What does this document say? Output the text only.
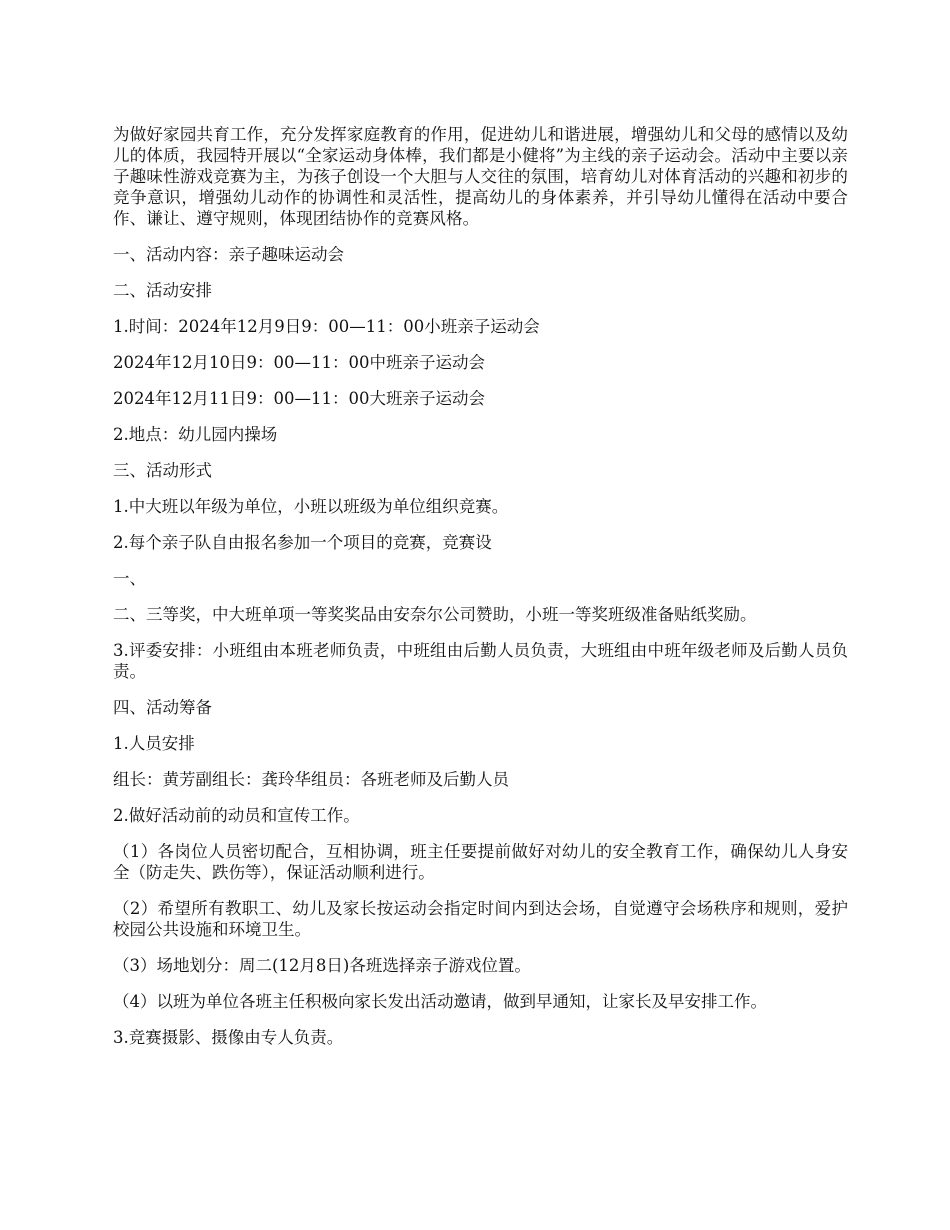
为做好家园共育工作，充分发挥家庭教育的作用，促进幼儿和谐进展，增强幼儿和父母的感情以及幼儿的体质，我园特开展以“全家运动身体棒，我们都是小健将”为主线的亲子运动会。活动中主要以亲子趣味性游戏竞赛为主，为孩子创设一个大胆与人交往的氛围，培育幼儿对体育活动的兴趣和初步的竞争意识，增强幼儿动作的协调性和灵活性，提高幼儿的身体素养，并引导幼儿懂得在活动中要合作、谦让、遵守规则，体现团结协作的竞赛风格。

一、活动内容：亲子趣味运动会

二、活动安排

1.时间：2024年12月9日9：00—11：00小班亲子运动会

2024年12月10日9：00—11：00中班亲子运动会

2024年12月11日9：00—11：00大班亲子运动会

2.地点：幼儿园内操场

三、活动形式

1.中大班以年级为单位，小班以班级为单位组织竞赛。

2.每个亲子队自由报名参加一个项目的竞赛，竞赛设

一、

二、三等奖，中大班单项一等奖奖品由安奈尔公司赞助，小班一等奖班级准备贴纸奖励。

3.评委安排：小班组由本班老师负责，中班组由后勤人员负责，大班组由中班年级老师及后勤人员负责。

四、活动筹备

1.人员安排

组长：黄芳副组长：龚玲华组员：各班老师及后勤人员

2.做好活动前的动员和宣传工作。

（1）各岗位人员密切配合，互相协调，班主任要提前做好对幼儿的安全教育工作，确保幼儿人身安全（防走失、跌伤等），保证活动顺利进行。

（2）希望所有教职工、幼儿及家长按运动会指定时间内到达会场，自觉遵守会场秩序和规则，爱护校园公共设施和环境卫生。

（3）场地划分：周二(12月8日)各班选择亲子游戏位置。

（4）以班为单位各班主任积极向家长发出活动邀请，做到早通知，让家长及早安排工作。

3.竞赛摄影、摄像由专人负责。
